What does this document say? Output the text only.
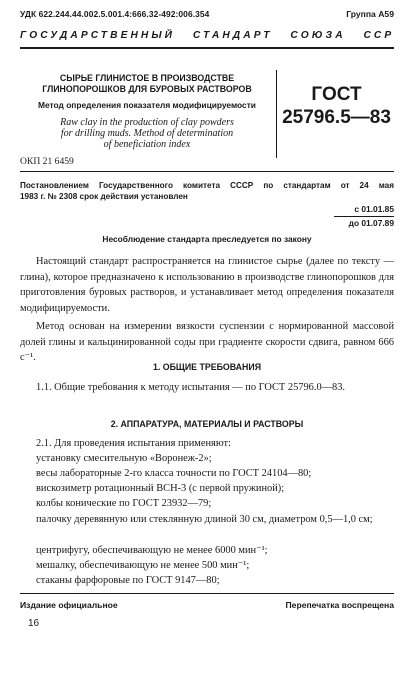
УДК 622.244.44.002.5.001.4:666.32-492:006.354	Группа А59
ГОСУДАРСТВЕННЫЙ   СТАНДАРТ   СОЮЗА   ССР
СЫРЬЕ ГЛИНИСТОЕ В ПРОИЗВОДСТВЕ
ГЛИНОПОРОШКОВ ДЛЯ БУРОВЫХ РАСТВОРОВ
Метод определения показателя модифицируемости
Raw clay in the production of clay powders
for drilling muds. Method of determination
of beneficiation index
ГОСТ
25796.5—83
ОКП 21 6459
Постановлением Государственного комитета СССР по стандартам от 24 мая
1983 г. № 2308 срок действия установлен
с 01.01.85
до 01.07.89
Несоблюдение стандарта преследуется по закону
Настоящий стандарт распространяется на глинистое сырье (далее по тексту — глина), которое предназначено к использованию в производстве глинопорошков для приготовления буровых растворов, и устанавливает метод определения показателя модифицируемости.
Метод основан на измерении вязкости суспензии с нормированной массовой долей глины и кальцинированной соды при градиенте скорости сдвига, равном 666 с⁻¹.
1. ОБЩИЕ ТРЕБОВАНИЯ
1.1. Общие требования к методу испытания — по ГОСТ 25796.0—83.
2. АППАРАТУРА, МАТЕРИАЛЫ И РАСТВОРЫ
2.1. Для проведения испытания применяют:
установку смесительную «Воронеж-2»;
весы лабораторные 2-го класса точности по ГОСТ 24104—80;
вискозиметр ротационный ВСН-3 (с первой пружиной);
колбы конические по ГОСТ 23932—79;
палочку деревянную или стеклянную длиной 30 см, диаметром 0,5—1,0 см;
центрифугу, обеспечивающую не менее 6000 мин⁻¹;
мешалку, обеспечивающую не менее 500 мин⁻¹;
стаканы фарфоровые по ГОСТ 9147—80;
Издание официальное	Перепечатка воспрещена
16
